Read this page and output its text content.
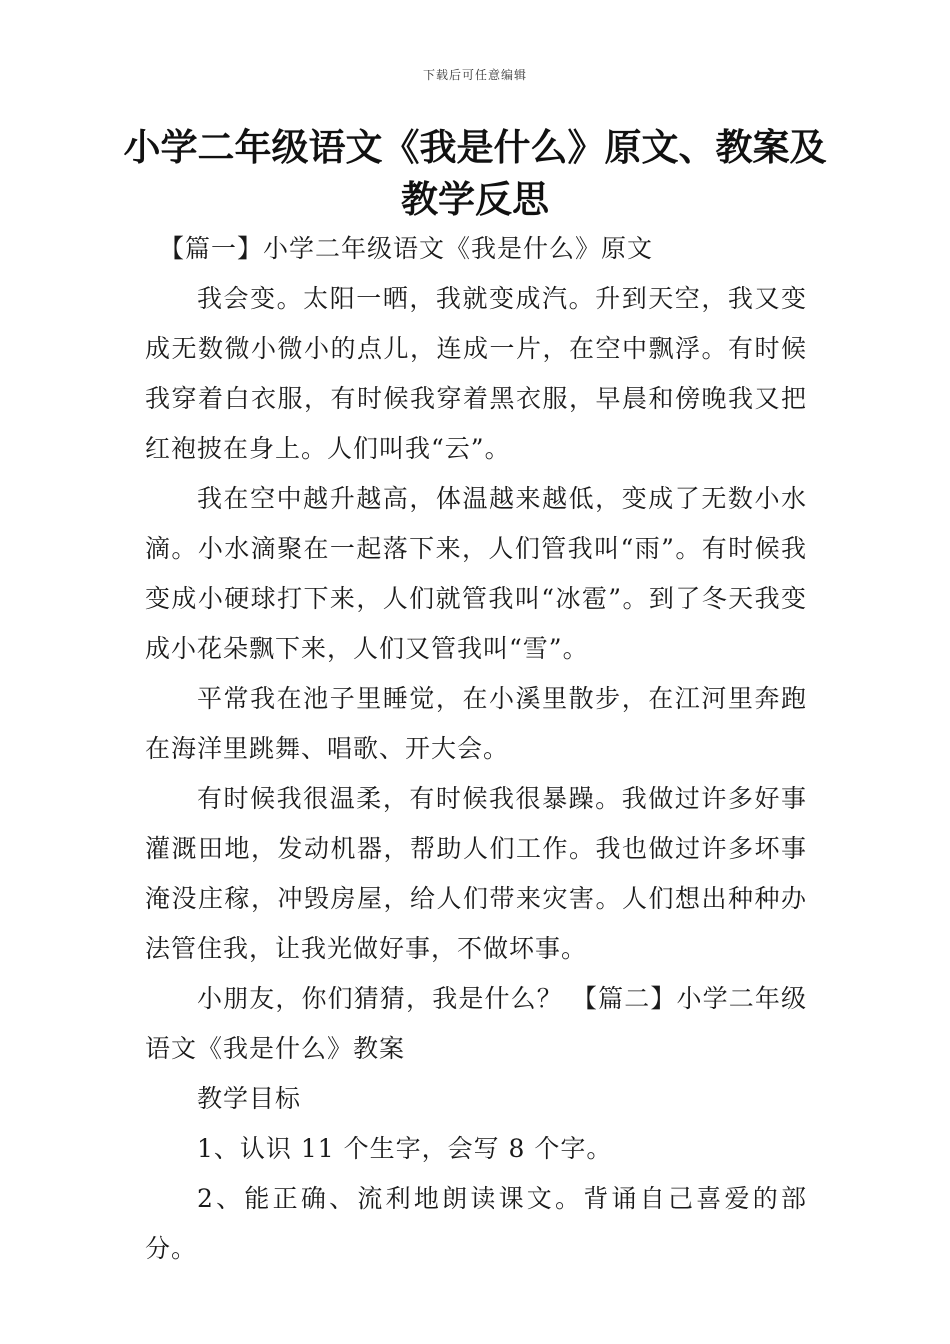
下载后可任意编辑
小学二年级语文《我是什么》原文、教案及教学反思

【篇一】小学二年级语文《我是什么》原文

我会变。太阳一晒，我就变成汽。升到天空，我又变成无数微小微小的点儿，连成一片，在空中飘浮。有时候我穿着白衣服，有时候我穿着黑衣服，早晨和傍晚我又把红袍披在身上。人们叫我“云”。

我在空中越升越高，体温越来越低，变成了无数小水滴。小水滴聚在一起落下来，人们管我叫“雨”。有时候我变成小硬球打下来，人们就管我叫“冰雹”。到了冬天我变成小花朵飘下来，人们又管我叫“雪”。

平常我在池子里睡觉，在小溪里散步，在江河里奔跑在海洋里跳舞、唱歌、开大会。

有时候我很温柔，有时候我很暴躁。我做过许多好事灌溉田地，发动机器，帮助人们工作。我也做过许多坏事淹没庄稼，冲毁房屋，给人们带来灾害。人们想出种种办法管住我，让我光做好事，不做坏事。

小朋友，你们猜猜，我是什么？ 【篇二】小学二年级语文《我是什么》教案

教学目标

1、认识 11 个生字，会写 8 个字。

2、能正确、流利地朗读课文。背诵自己喜爱的部分。
